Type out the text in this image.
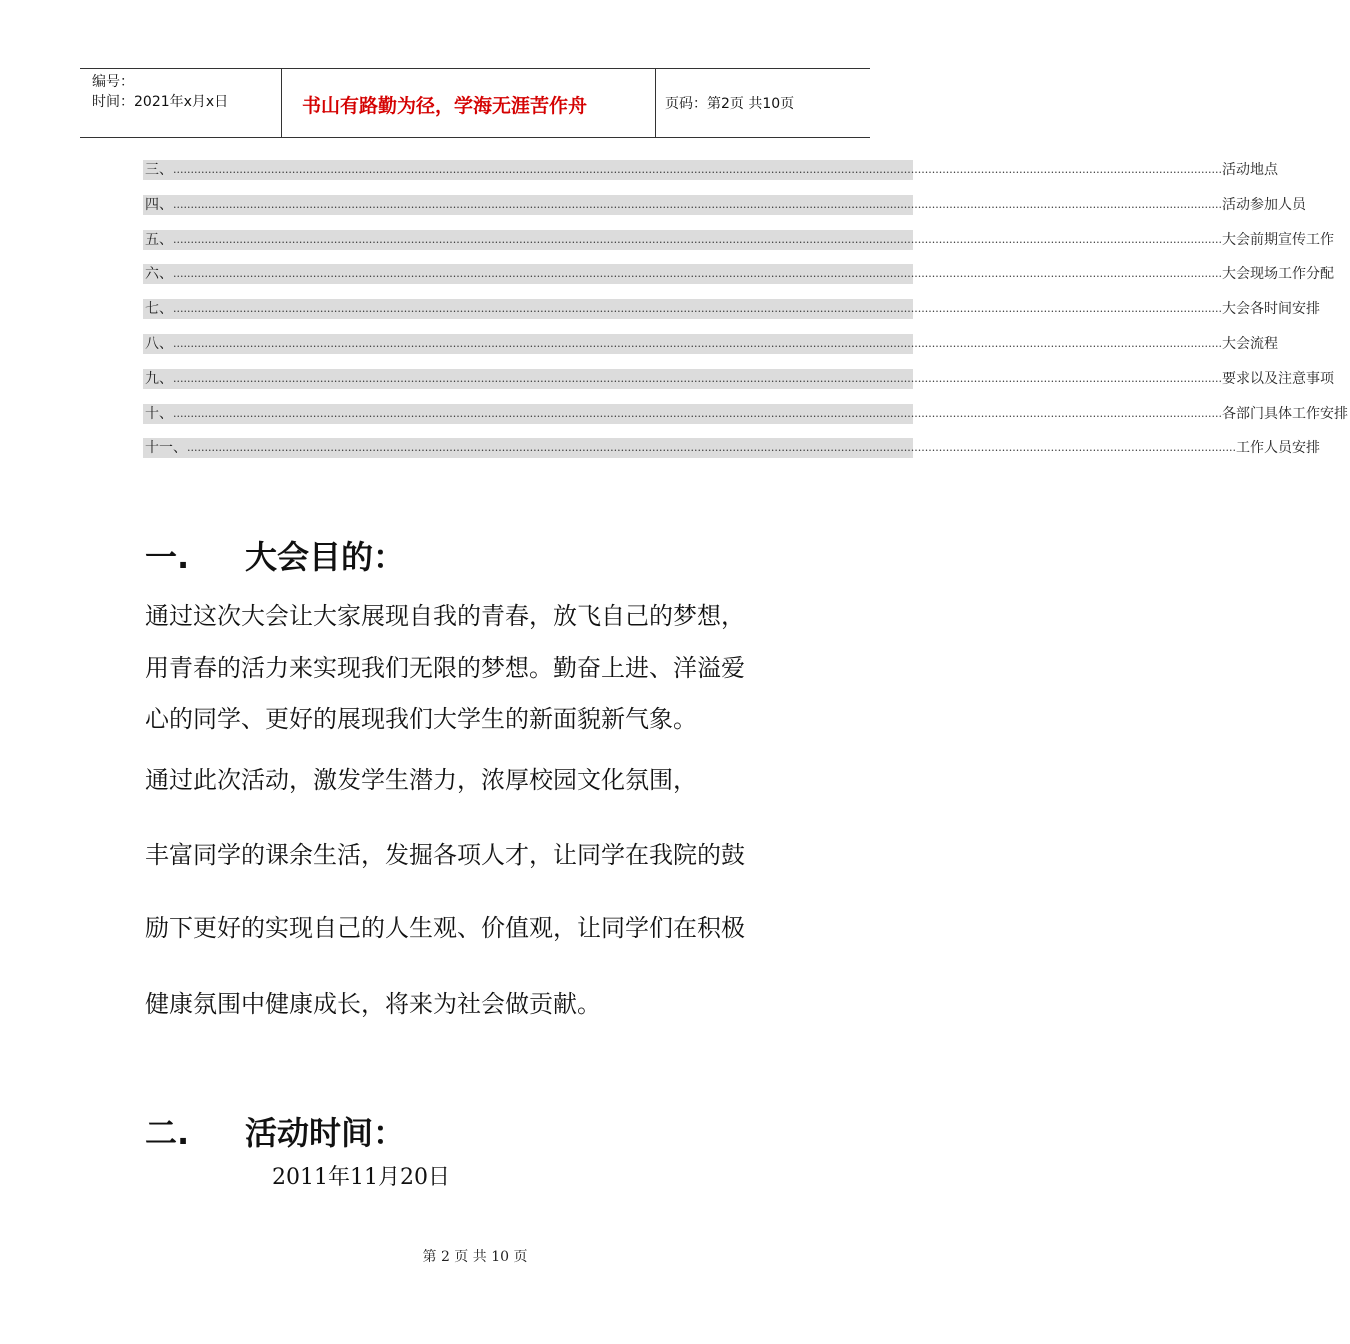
编号：
时间：2021年x月x日	书山有路勤为径，学海无涯苦作舟	页码：第2页 共10页
三、 ............................................................................................................................................................................................................................................................................................................ 活动地点
四、 ............................................................................................................................................................................................................................................................................................................ 活动参加人员
五、 ............................................................................................................................................................................................................................................................................................................ 大会前期宣传工作
六、 ............................................................................................................................................................................................................................................................................................................ 大会现场工作分配
七、 ............................................................................................................................................................................................................................................................................................................ 大会各时间安排
八、 ............................................................................................................................................................................................................................................................................................................ 大会流程
九、 ............................................................................................................................................................................................................................................................................................................ 要求以及注意事项
十、 ............................................................................................................................................................................................................................................................................................................ 各部门具体工作安排
十一、 ............................................................................................................................................................................................................................................................................................................ 工作人员安排
一. 大会目的：
通过这次大会让大家展现自我的青春，放飞自己的梦想，
用青春的活力来实现我们无限的梦想。勤奋上进、洋溢爱
心的同学、更好的展现我们大学生的新面貌新气象。
通过此次活动，激发学生潜力，浓厚校园文化氛围，
丰富同学的课余生活，发掘各项人才，让同学在我院的鼓
励下更好的实现自己的人生观、价值观，让同学们在积极
健康氛围中健康成长，将来为社会做贡献。
二. 活动时间：
2011年11月20日
第 2 页 共 10 页
